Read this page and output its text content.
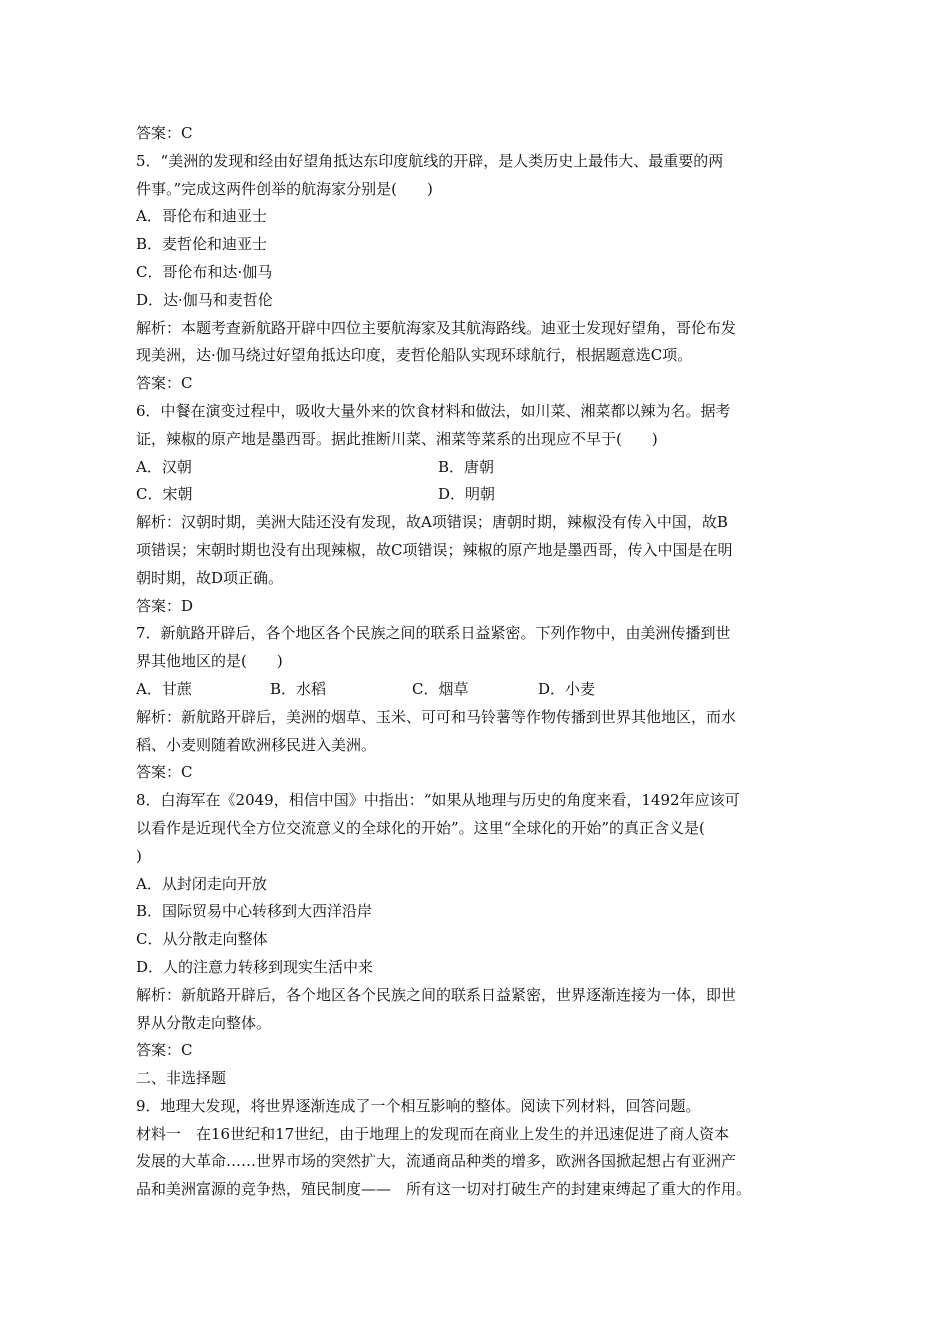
答案：C
5．“美洲的发现和经由好望角抵达东印度航线的开辟，是人类历史上最伟大、最重要的两
件事。”完成这两件创举的航海家分别是(　　)
A．哥伦布和迪亚士
B．麦哲伦和迪亚士
C．哥伦布和达·伽马
D．达·伽马和麦哲伦
解析：本题考查新航路开辟中四位主要航海家及其航海路线。迪亚士发现好望角，哥伦布发
现美洲，达·伽马绕过好望角抵达印度，麦哲伦船队实现环球航行，根据题意选C项。
答案：C
6．中餐在演变过程中，吸收大量外来的饮食材料和做法，如川菜、湘菜都以辣为名。据考
证，辣椒的原产地是墨西哥。据此推断川菜、湘菜等菜系的出现应不早于(　　)
A．汉朝	B．唐朝
C．宋朝	D．明朝
解析：汉朝时期，美洲大陆还没有发现，故A项错误；唐朝时期，辣椒没有传入中国，故B
项错误；宋朝时期也没有出现辣椒，故C项错误；辣椒的原产地是墨西哥，传入中国是在明
朝时期，故D项正确。
答案：D
7．新航路开辟后，各个地区各个民族之间的联系日益紧密。下列作物中，由美洲传播到世
界其他地区的是(　　)
A．甘蔗	B．水稻	C．烟草	D．小麦
解析：新航路开辟后，美洲的烟草、玉米、可可和马铃薯等作物传播到世界其他地区，而水
稻、小麦则随着欧洲移民进入美洲。
答案：C
8．白海军在《2049，相信中国》中指出：“如果从地理与历史的角度来看，1492年应该可
以看作是近现代全方位交流意义的全球化的开始”。这里“全球化的开始”的真正含义是(
)
A．从封闭走向开放
B．国际贸易中心转移到大西洋沿岸
C．从分散走向整体
D．人的注意力转移到现实生活中来
解析：新航路开辟后，各个地区各个民族之间的联系日益紧密，世界逐渐连接为一体，即世
界从分散走向整体。
答案：C
二、非选择题
9．地理大发现，将世界逐渐连成了一个相互影响的整体。阅读下列材料，回答问题。
材料一　在16世纪和17世纪，由于地理上的发现而在商业上发生的并迅速促进了商人资本
发展的大革命……世界市场的突然扩大，流通商品种类的增多，欧洲各国掀起想占有亚洲产
品和美洲富源的竞争热，殖民制度——　所有这一切对打破生产的封建束缚起了重大的作用。
